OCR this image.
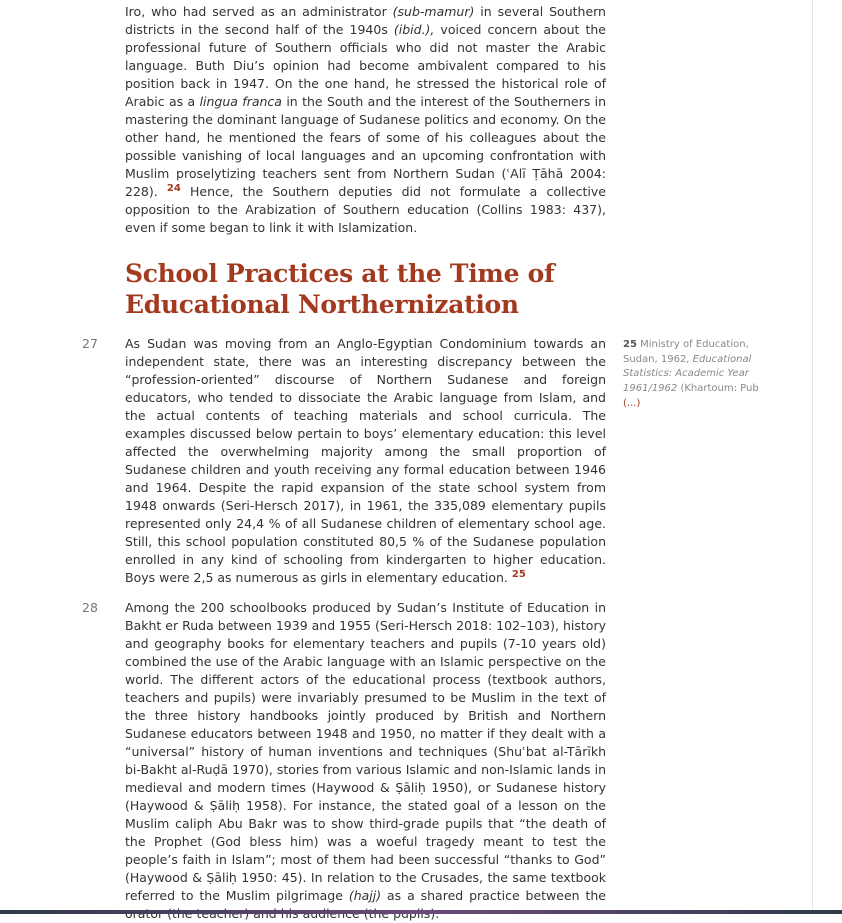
Iro, who had served as an administrator (sub-mamur) in several Southern districts in the second half of the 1940s (ibid.), voiced concern about the professional future of Southern officials who did not master the Arabic language. Buth Diu’s opinion had become ambivalent compared to his position back in 1947. On the one hand, he stressed the historical role of Arabic as a lingua franca in the South and the interest of the Southerners in mastering the dominant language of Sudanese politics and economy. On the other hand, he mentioned the fears of some of his colleagues about the possible vanishing of local languages and an upcoming confrontation with Muslim proselytizing teachers sent from Northern Sudan (ʿAlī Ṭāhā 2004: 228). $^{24}$ Hence, the Southern deputies did not formulate a collective opposition to the Arabization of Southern education (Collins 1983: 437), even if some began to link it with Islamization.

School Practices at the Time of Educational Northernization
27 As Sudan was moving from an Anglo-Egyptian Condominium towards an independent state, there was an interesting discrepancy between the “profession-oriented” discourse of Northern Sudanese and foreign educators, who tended to dissociate the Arabic language from Islam, and the actual contents of teaching materials and school curricula. The examples discussed below pertain to boys’ elementary education: this level affected the overwhelming majority among the small proportion of Sudanese children and youth receiving any formal education between 1946 and 1964. Despite the rapid expansion of the state school system from 1948 onwards (Seri-Hersch 2017), in 1961, the 335,089 elementary pupils represented only 24,4 % of all Sudanese children of elementary school age. Still, this school population constituted 80,5 % of the Sudanese population enrolled in any kind of schooling from kindergarten to higher education. Boys were 2,5 as numerous as girls in elementary education. $^{25}$

25 Ministry of Education, Sudan, 1962, Educational Statistics: Academic Year 1961/1962 (Khartoum: Pub (...)
28 Among the 200 schoolbooks produced by Sudan’s Institute of Education in Bakht er Ruda between 1939 and 1955 (Seri-Hersch 2018: 102–103), history and geography books for elementary teachers and pupils (7-10 years old) combined the use of the Arabic language with an Islamic perspective on the world. The different actors of the educational process (textbook authors, teachers and pupils) were invariably presumed to be Muslim in the text of the three history handbooks jointly produced by British and Northern Sudanese educators between 1948 and 1950, no matter if they dealt with a “universal” history of human inventions and techniques (Shuʿbat al-Tārīkh bi-Bakht al-Ruḍā 1970), stories from various Islamic and non-Islamic lands in medieval and modern times (Haywood & Ṣāliḥ 1950), or Sudanese history (Haywood & Ṣāliḥ 1958). For instance, the stated goal of a lesson on the Muslim caliph Abu Bakr was to show third-grade pupils that “the death of the Prophet (God bless him) was a woeful tragedy meant to test the people’s faith in Islam”; most of them had been successful “thanks to God” (Haywood & Ṣāliḥ 1950: 45). In relation to the Crusades, the same textbook referred to the Muslim pilgrimage (hajj) as a shared practice between the
